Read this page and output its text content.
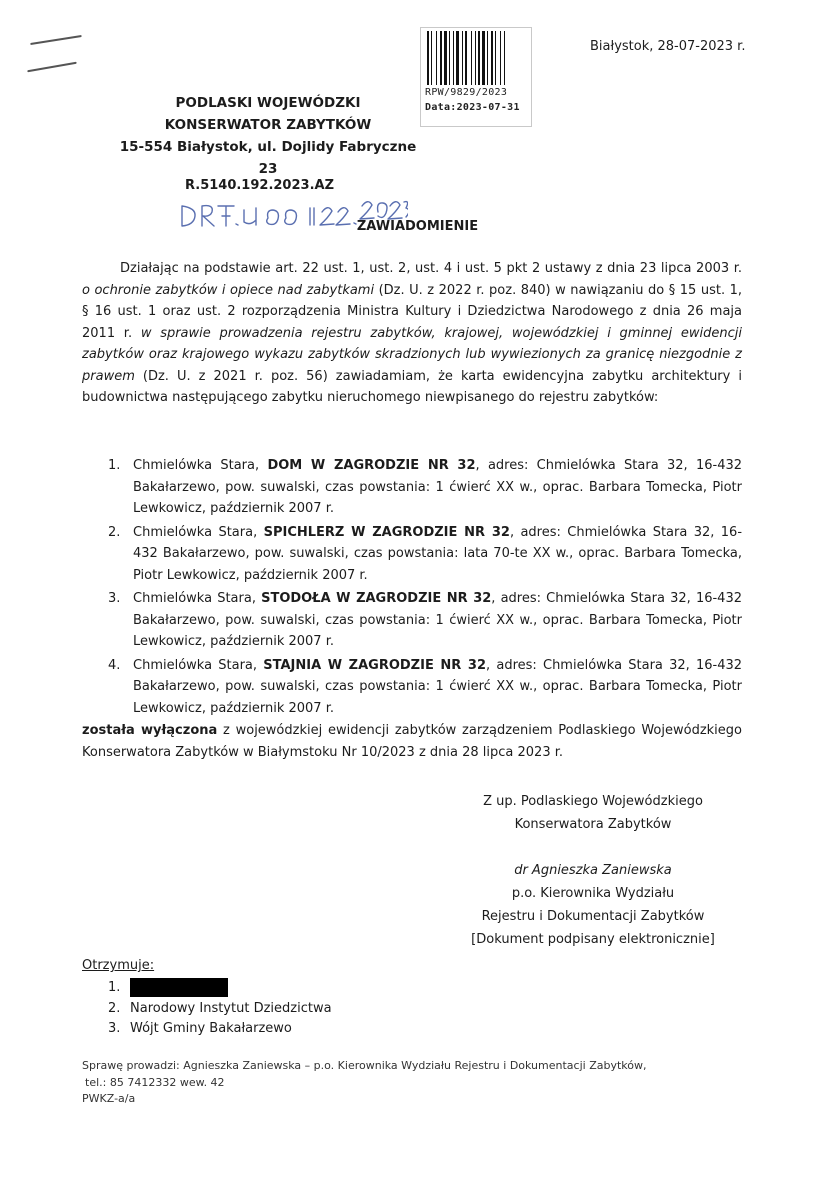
RPW/9829/2023
Data:2023-07-31
Białystok, 28-07-2023 r.
PODLASKI WOJEWÓDZKI
KONSERWATOR ZABYTKÓW
15-554 Białystok, ul. Dojlidy Fabryczne 23
R.5140.192.2023.AZ
ZAWIADOMIENIE

Działając na podstawie art. 22 ust. 1, ust. 2, ust. 4 i ust. 5 pkt 2 ustawy z dnia 23 lipca 2003 r. o ochronie zabytków i opiece nad zabytkami (Dz. U. z 2022 r. poz. 840) w nawiązaniu do § 15 ust. 1, § 16 ust. 1 oraz ust. 2 rozporządzenia Ministra Kultury i Dziedzictwa Narodowego z dnia 26 maja 2011 r. w sprawie prowadzenia rejestru zabytków, krajowej, wojewódzkiej i gminnej ewidencji zabytków oraz krajowego wykazu zabytków skradzionych lub wywiezionych za granicę niezgodnie z prawem (Dz. U. z 2021 r. poz. 56) zawiadamiam, że karta ewidencyjna zabytku architektury i budownictwa następującego zabytku nieruchomego niewpisanego do rejestru zabytków:

1. Chmielówka Stara, DOM W ZAGRODZIE NR 32, adres: Chmielówka Stara 32, 16-432 Bakałarzewo, pow. suwalski, czas powstania: 1 ćwierć XX w., oprac. Barbara Tomecka, Piotr Lewkowicz, październik 2007 r.
2. Chmielówka Stara, SPICHLERZ W ZAGRODZIE NR 32, adres: Chmielówka Stara 32, 16-432 Bakałarzewo, pow. suwalski, czas powstania: lata 70-te XX w., oprac. Barbara Tomecka, Piotr Lewkowicz, październik 2007 r.
3. Chmielówka Stara, STODOŁA W ZAGRODZIE NR 32, adres: Chmielówka Stara 32, 16-432 Bakałarzewo, pow. suwalski, czas powstania: 1 ćwierć XX w., oprac. Barbara Tomecka, Piotr Lewkowicz, październik 2007 r.
4. Chmielówka Stara, STAJNIA W ZAGRODZIE NR 32, adres: Chmielówka Stara 32, 16-432 Bakałarzewo, pow. suwalski, czas powstania: 1 ćwierć XX w., oprac. Barbara Tomecka, Piotr Lewkowicz, październik 2007 r.
została wyłączona z wojewódzkiej ewidencji zabytków zarządzeniem Podlaskiego Wojewódzkiego Konserwatora Zabytków w Białymstoku Nr 10/2023 z dnia 28 lipca 2023 r.
Z up. Podlaskiego Wojewódzkiego
Konserwatora Zabytków
dr Agnieszka Zaniewska
p.o. Kierownika Wydziału
Rejestru i Dokumentacji Zabytków
[Dokument podpisany elektronicznie]
Otrzymuje:
1.
2. Narodowy Instytut Dziedzictwa
3. Wójt Gminy Bakałarzewo
Sprawę prowadzi: Agnieszka Zaniewska – p.o. Kierownika Wydziału Rejestru i Dokumentacji Zabytków,
tel.: 85 7412332 wew. 42
PWKZ-a/a
